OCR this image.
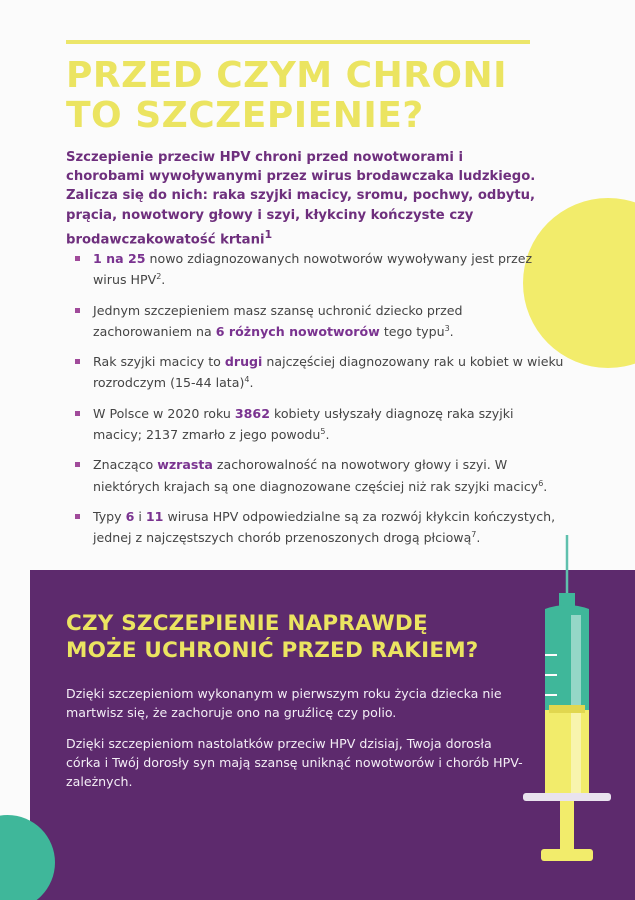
PRZED CZYM CHRONI
TO SZCZEPIENIE?

Szczepienie przeciw HPV chroni przed nowotworami i chorobami wywoływanymi przez wirus brodawczaka ludzkiego. Zalicza się do nich: raka szyjki macicy, sromu, pochwy, odbytu, prącia, nowotwory głowy i szyi, kłykciny kończyste czy brodawczakowatość krtani$^1$

1 na 25 nowo zdiagnozowanych nowotworów wywoływany jest przez wirus HPV$^2$.
Jednym szczepieniem masz szansę uchronić dziecko przed zachorowaniem na 6 różnych nowotworów tego typu$^3$.
Rak szyjki macicy to drugi najczęściej diagnozowany rak u kobiet w wieku rozrodczym (15-44 lata)$^4$.
W Polsce w 2020 roku 3862 kobiety usłyszały diagnozę raka szyjki macicy; 2137 zmarło z jego powodu$^5$.
Znacząco wzrasta zachorowalność na nowotwory głowy i szyi. W niektórych krajach są one diagnozowane częściej niż rak szyjki macicy$^6$.
Typy 6 i 11 wirusa HPV odpowiedzialne są za rozwój kłykcin kończystych, jednej z najczęstszych chorób przenoszonych drogą płciową$^7$.
CZY SZCZEPIENIE NAPRAWDĘ
MOŻE UCHRONIĆ PRZED RAKIEM?

Dzięki szczepieniom wykonanym w pierwszym roku życia dziecka nie martwisz się, że zachoruje ono na gruźlicę czy polio.

Dzięki szczepieniom nastolatków przeciw HPV dzisiaj, Twoja dorosła córka i Twój dorosły syn mają szansę uniknąć nowotworów i chorób HPV-zależnych.
